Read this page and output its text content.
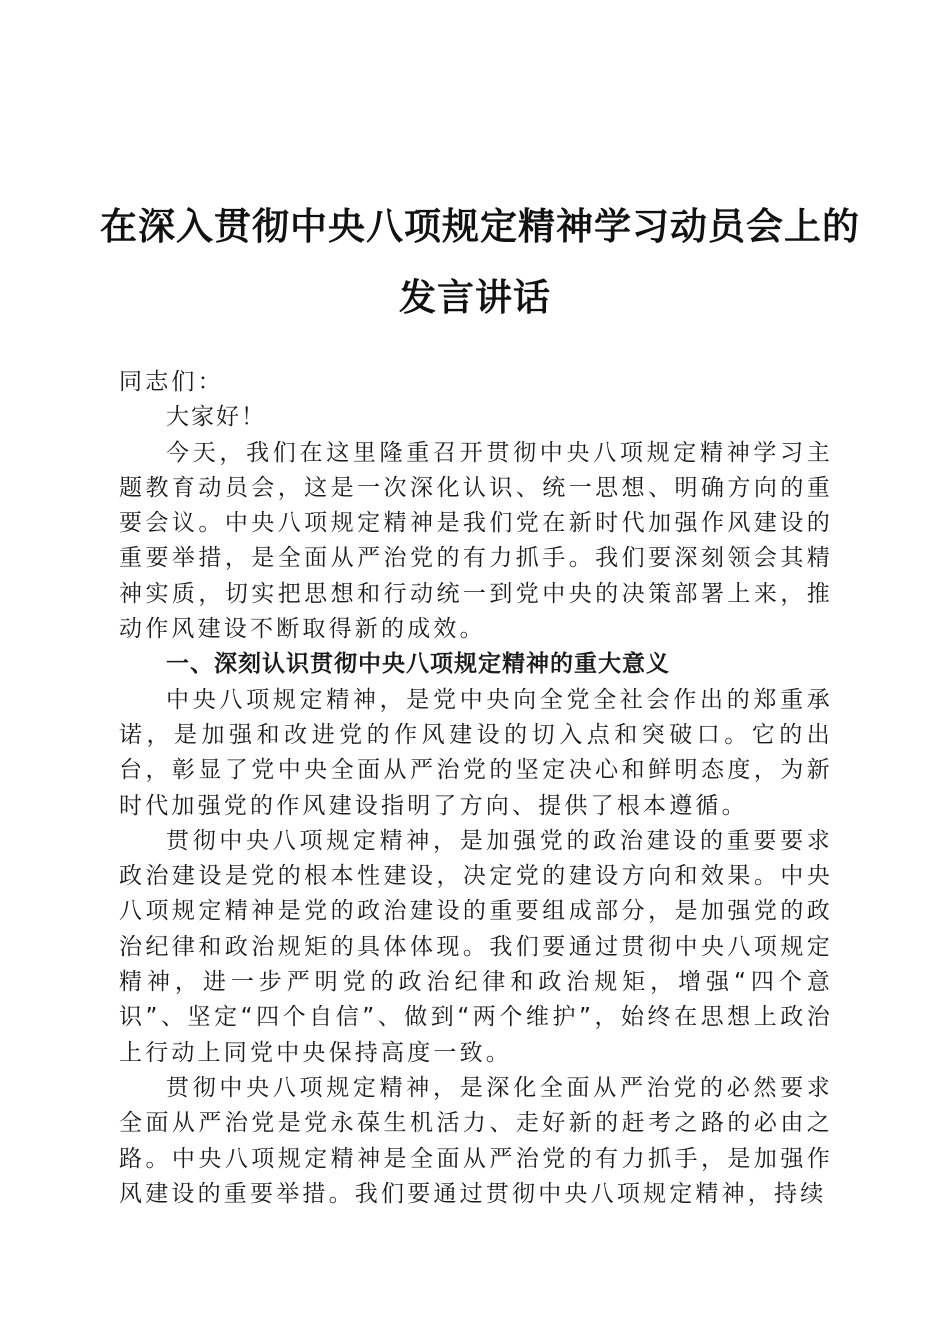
在深入贯彻中央八项规定精神学习动员会上的
发言讲话

同志们：

大家好！

今天，我们在这里隆重召开贯彻中央八项规定精神学习主题教育动员会，这是一次深化认识、统一思想、明确方向的重要会议。中央八项规定精神是我们党在新时代加强作风建设的重要举措，是全面从严治党的有力抓手。我们要深刻领会其精神实质，切实把思想和行动统一到党中央的决策部署上来，推动作风建设不断取得新的成效。

一、深刻认识贯彻中央八项规定精神的重大意义

中央八项规定精神，是党中央向全党全社会作出的郑重承诺，是加强和改进党的作风建设的切入点和突破口。它的出台，彰显了党中央全面从严治党的坚定决心和鲜明态度，为新时代加强党的作风建设指明了方向、提供了根本遵循。

贯彻中央八项规定精神，是加强党的政治建设的重要要求政治建设是党的根本性建设，决定党的建设方向和效果。中央八项规定精神是党的政治建设的重要组成部分，是加强党的政治纪律和政治规矩的具体体现。我们要通过贯彻中央八项规定精神，进一步严明党的政治纪律和政治规矩，增强“四个意识”、坚定“四个自信”、做到“两个维护”，始终在思想上政治上行动上同党中央保持高度一致。

贯彻中央八项规定精神，是深化全面从严治党的必然要求全面从严治党是党永葆生机活力、走好新的赶考之路的必由之路。中央八项规定精神是全面从严治党的有力抓手，是加强作风建设的重要举措。我们要通过贯彻中央八项规定精神，持续
